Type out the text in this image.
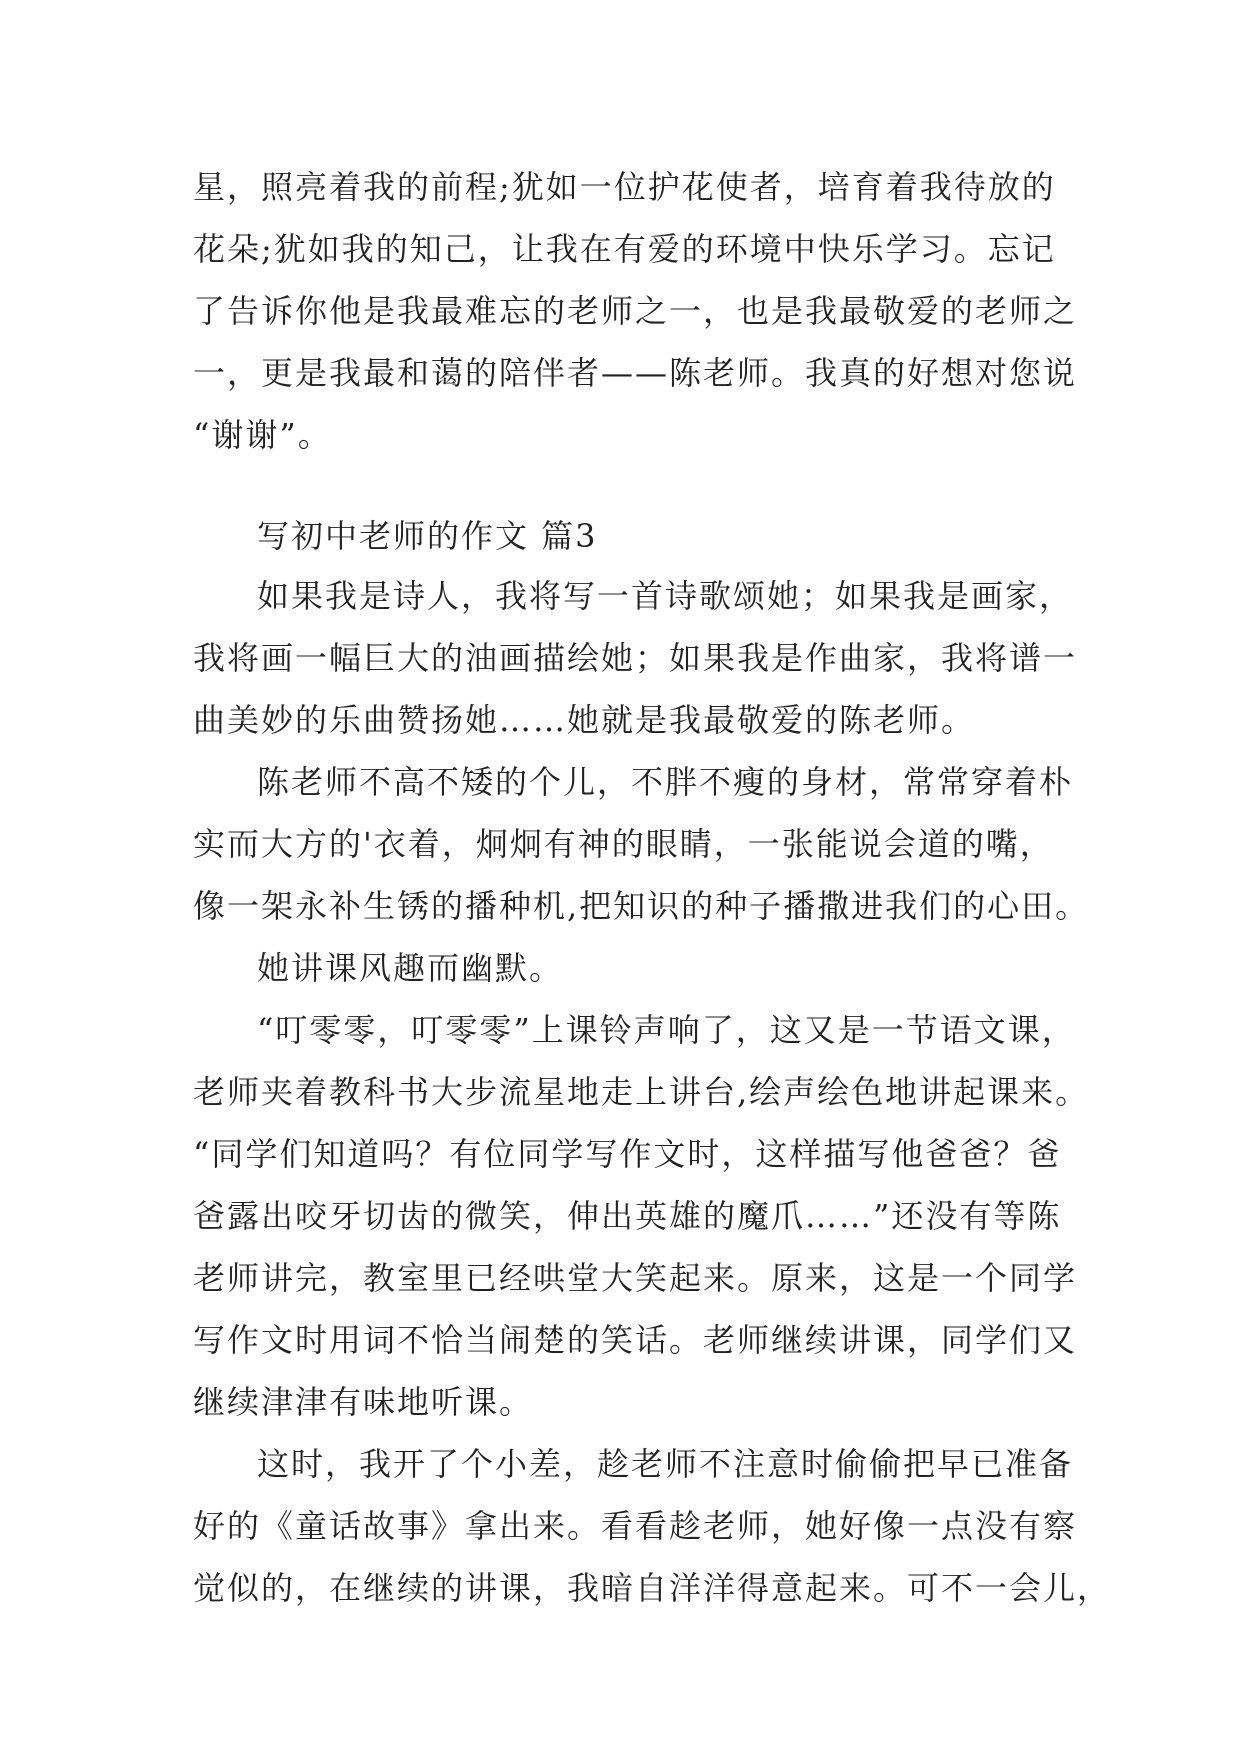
星，照亮着我的前程;犹如一位护花使者，培育着我待放的
花朵;犹如我的知己，让我在有爱的环境中快乐学习。忘记
了告诉你他是我最难忘的老师之一，也是我最敬爱的老师之
一，更是我最和蔼的陪伴者——陈老师。我真的好想对您说
“谢谢”。
写初中老师的作文 篇3
如果我是诗人，我将写一首诗歌颂她；如果我是画家，
我将画一幅巨大的油画描绘她；如果我是作曲家，我将谱一
曲美妙的乐曲赞扬她……她就是我最敬爱的陈老师。
陈老师不高不矮的个儿，不胖不瘦的身材，常常穿着朴
实而大方的'衣着，炯炯有神的眼睛，一张能说会道的嘴，
像一架永补生锈的播种机,把知识的种子播撒进我们的心田。
她讲课风趣而幽默。
“叮零零，叮零零”上课铃声响了，这又是一节语文课，
老师夹着教科书大步流星地走上讲台,绘声绘色地讲起课来。
“同学们知道吗？有位同学写作文时，这样描写他爸爸？爸
爸露出咬牙切齿的微笑，伸出英雄的魔爪……”还没有等陈
老师讲完，教室里已经哄堂大笑起来。原来，这是一个同学
写作文时用词不恰当闹楚的笑话。老师继续讲课，同学们又
继续津津有味地听课。
这时，我开了个小差，趁老师不注意时偷偷把早已准备
好的《童话故事》拿出来。看看趁老师，她好像一点没有察
觉似的，在继续的讲课，我暗自洋洋得意起来。可不一会儿，
